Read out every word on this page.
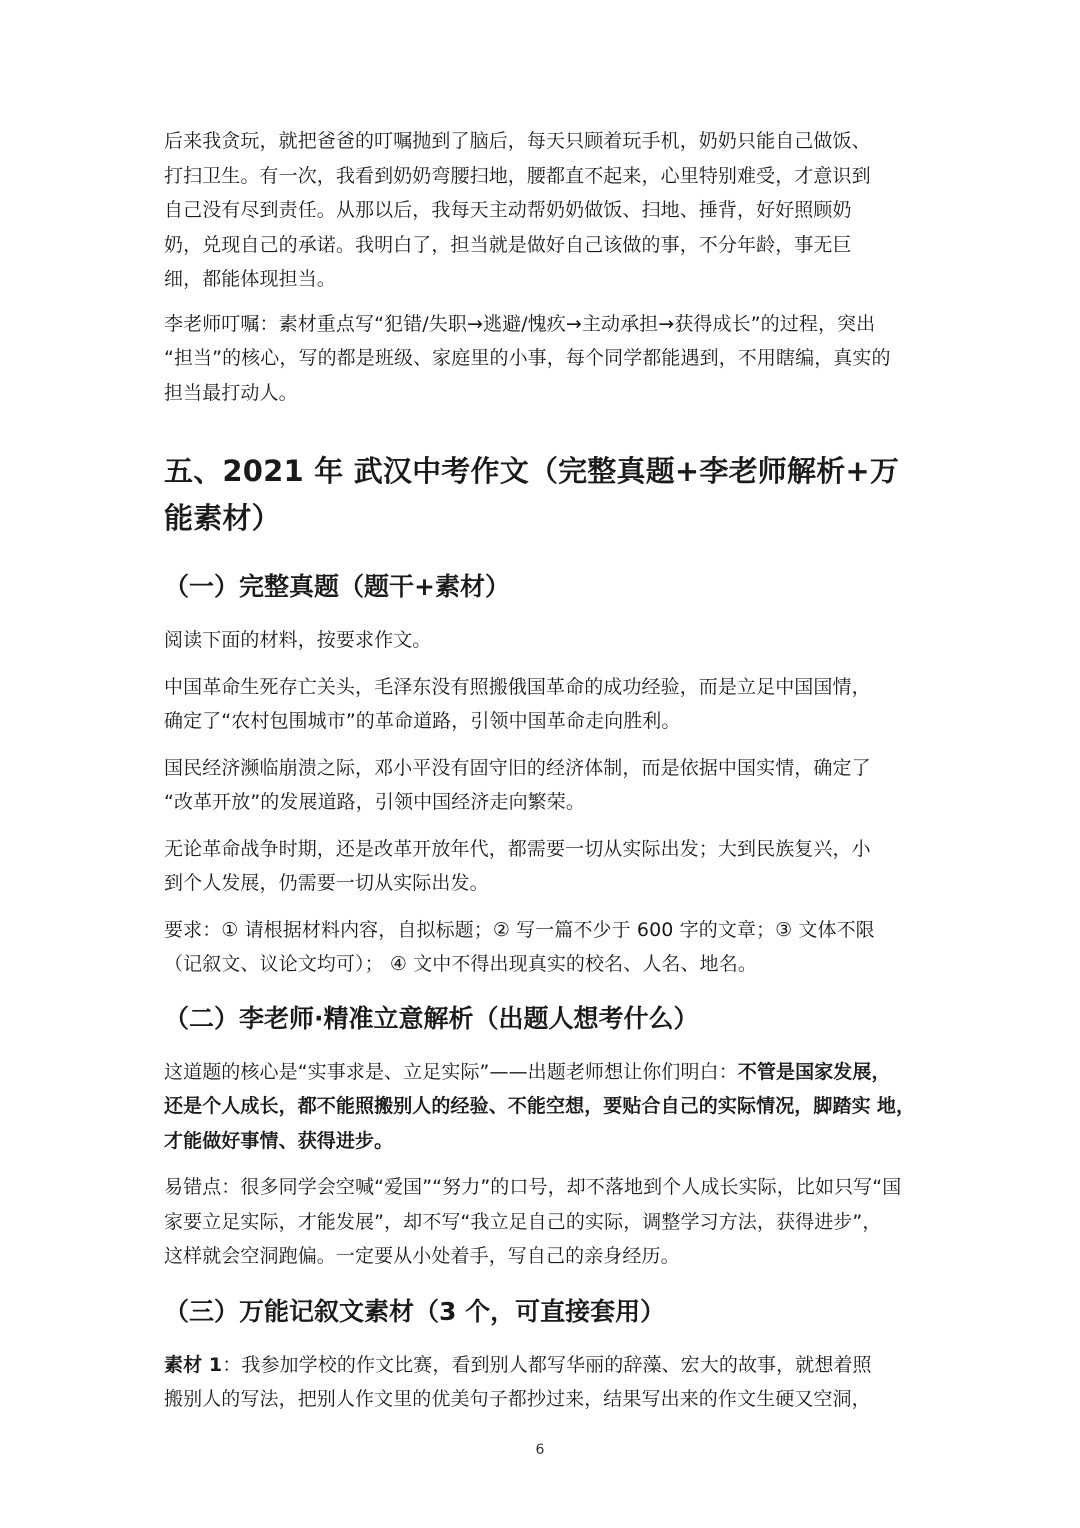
后来我贪玩，就把爸爸的叮嘱抛到了脑后，每天只顾着玩手机，奶奶只能自己做饭、
打扫卫生。有一次，我看到奶奶弯腰扫地，腰都直不起来，心里特别难受，才意识到
自己没有尽到责任。从那以后，我每天主动帮奶奶做饭、扫地、捶背，好好照顾奶
奶，兑现自己的承诺。我明白了，担当就是做好自己该做的事，不分年龄，事无巨
细，都能体现担当。

李老师叮嘱：素材重点写“犯错/失职→逃避/愧疚→主动承担→获得成长”的过程，突出
“担当”的核心，写的都是班级、家庭里的小事，每个同学都能遇到，不用瞎编，真实的
担当最打动人。

五、2021 年 武汉中考作文（完整真题+李老师解析+万能素材）
（一）完整真题（题干+素材）

阅读下面的材料，按要求作文。

中国革命生死存亡关头，毛泽东没有照搬俄国革命的成功经验，而是立足中国国情，
确定了“农村包围城市”的革命道路，引领中国革命走向胜利。

国民经济濒临崩溃之际，邓小平没有固守旧的经济体制，而是依据中国实情，确定了
“改革开放”的发展道路，引领中国经济走向繁荣。

无论革命战争时期，还是改革开放年代，都需要一切从实际出发；大到民族复兴，小
到个人发展，仍需要一切从实际出发。

要求：① 请根据材料内容，自拟标题；② 写一篇不少于 600 字的文章；③ 文体不限
（记叙文、议论文均可）； ④ 文中不得出现真实的校名、人名、地名。

（二）李老师·精准立意解析（出题人想考什么）

这道题的核心是“实事求是、立足实际”——出题老师想让你们明白：不管是国家发展，
还是个人成长，都不能照搬别人的经验、不能空想，要贴合自己的实际情况，脚踏实 地，才能做好事情、获得进步。

易错点：很多同学会空喊“爱国”“努力”的口号，却不落地到个人成长实际，比如只写“国
家要立足实际，才能发展”，却不写“我立足自己的实际，调整学习方法，获得进步”，
这样就会空洞跑偏。一定要从小处着手，写自己的亲身经历。

（三）万能记叙文素材（3 个，可直接套用）

素材 1：我参加学校的作文比赛，看到别人都写华丽的辞藻、宏大的故事，就想着照
搬别人的写法，把别人作文里的优美句子都抄过来，结果写出来的作文生硬又空洞，

6
